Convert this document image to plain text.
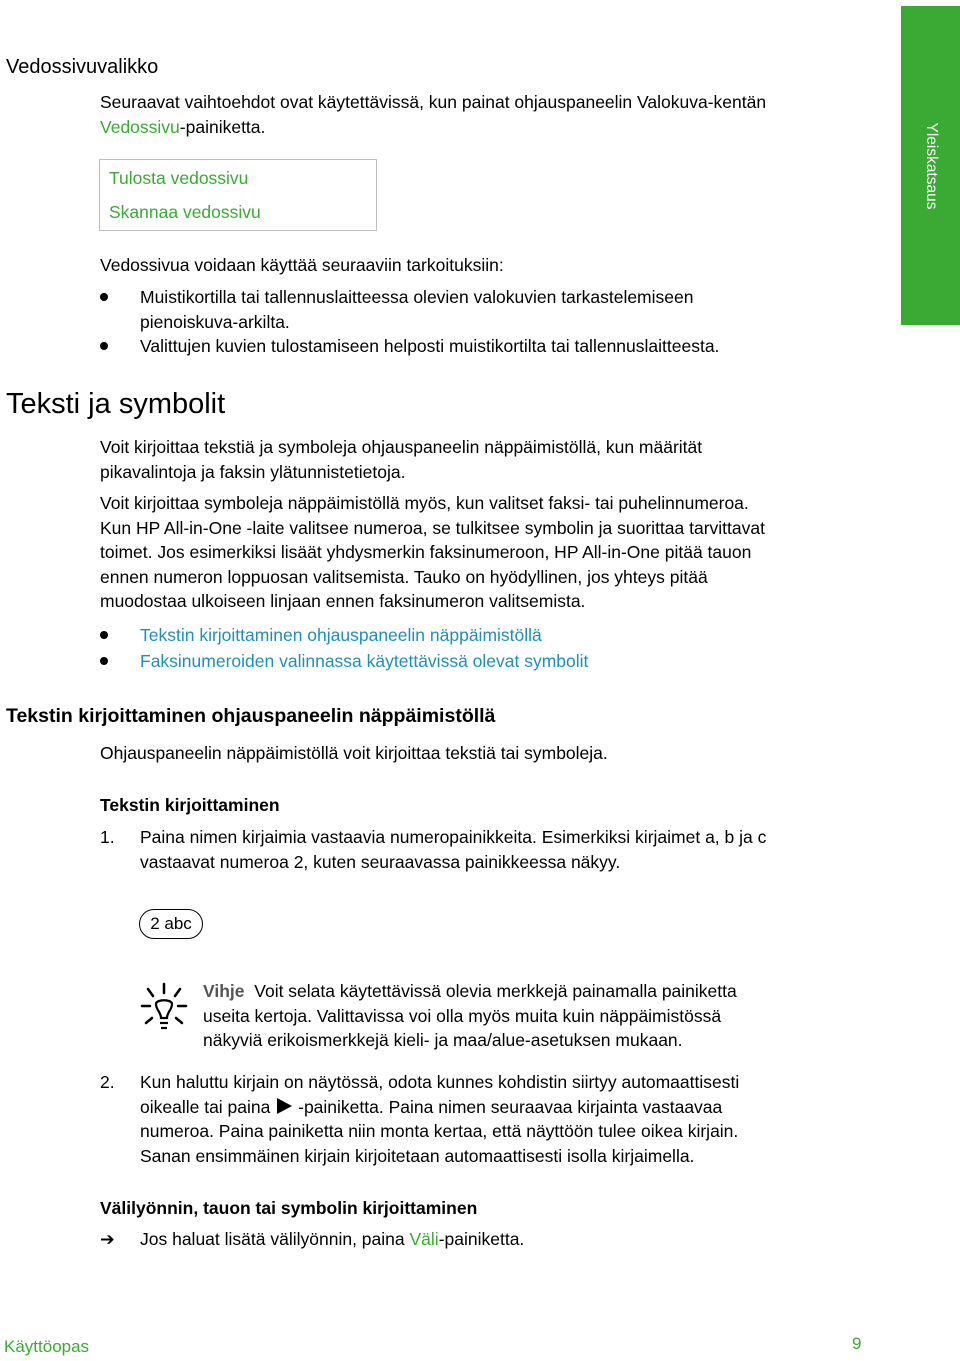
Yleiskatsaus
Vedossivuvalikko
Seuraavat vaihtoehdot ovat käytettävissä, kun painat ohjauspaneelin Valokuva-kentän
Vedossivu-painiketta.
Tulosta vedossivu
Skannaa vedossivu
Vedossivua voidaan käyttää seuraaviin tarkoituksiin:
Muistikortilla tai tallennuslaitteessa olevien valokuvien tarkastelemiseen
pienoiskuva-arkilta.
Valittujen kuvien tulostamiseen helposti muistikortilta tai tallennuslaitteesta.
Teksti ja symbolit
Voit kirjoittaa tekstiä ja symboleja ohjauspaneelin näppäimistöllä, kun määrität
pikavalintoja ja faksin ylätunnistetietoja.
Voit kirjoittaa symboleja näppäimistöllä myös, kun valitset faksi- tai puhelinnumeroa.
Kun HP All-in-One -laite valitsee numeroa, se tulkitsee symbolin ja suorittaa tarvittavat
toimet. Jos esimerkiksi lisäät yhdysmerkin faksinumeroon, HP All-in-One pitää tauon
ennen numeron loppuosan valitsemista. Tauko on hyödyllinen, jos yhteys pitää
muodostaa ulkoiseen linjaan ennen faksinumeron valitsemista.
Tekstin kirjoittaminen ohjauspaneelin näppäimistöllä
Faksinumeroiden valinnassa käytettävissä olevat symbolit
Tekstin kirjoittaminen ohjauspaneelin näppäimistöllä
Ohjauspaneelin näppäimistöllä voit kirjoittaa tekstiä tai symboleja.
Tekstin kirjoittaminen
1. Paina nimen kirjaimia vastaavia numeropainikkeita. Esimerkiksi kirjaimet a, b ja c
vastaavat numeroa 2, kuten seuraavassa painikkeessa näkyy.
2 abc
Vihje Voit selata käytettävissä olevia merkkejä painamalla painiketta
useita kertoja. Valittavissa voi olla myös muita kuin näppäimistössä
näkyviä erikoismerkkejä kieli- ja maa/alue-asetuksen mukaan.
2. Kun haluttu kirjain on näytössä, odota kunnes kohdistin siirtyy automaattisesti
oikealle tai paina -painiketta. Paina nimen seuraavaa kirjainta vastaavaa
numeroa. Paina painiketta niin monta kertaa, että näyttöön tulee oikea kirjain.
Sanan ensimmäinen kirjain kirjoitetaan automaattisesti isolla kirjaimella.
Välilyönnin, tauon tai symbolin kirjoittaminen
➔ Jos haluat lisätä välilyönnin, paina Väli-painiketta.
Käyttöopas	9
